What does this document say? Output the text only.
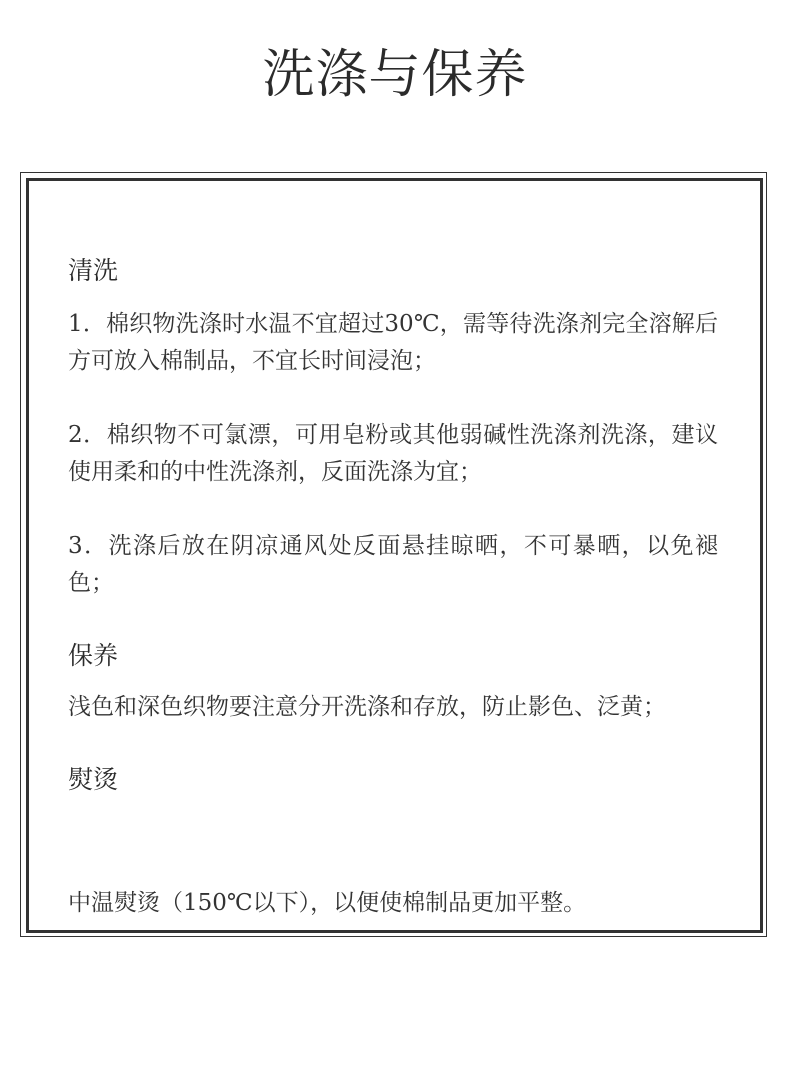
洗涤与保养
清洗
1．棉织物洗涤时水温不宜超过30℃，需等待洗涤剂完全溶解后方可放入棉制品，不宜长时间浸泡；
2．棉织物不可氯漂，可用皂粉或其他弱碱性洗涤剂洗涤，建议使用柔和的中性洗涤剂，反面洗涤为宜；
3．洗涤后放在阴凉通风处反面悬挂晾晒，不可暴晒，以免褪色；
保养
浅色和深色织物要注意分开洗涤和存放，防止影色、泛黄；
熨烫
中温熨烫（150℃以下），以便使棉制品更加平整。
